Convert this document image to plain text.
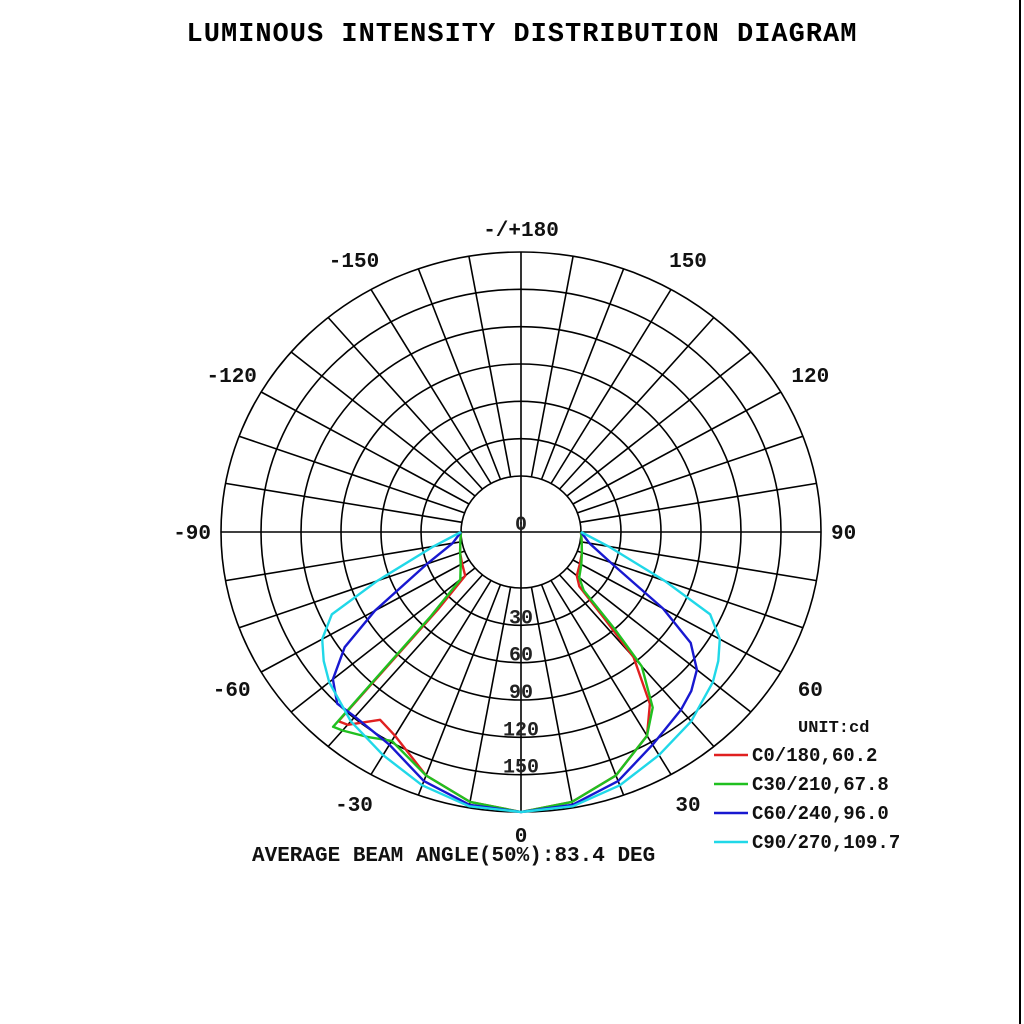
LUMINOUS INTENSITY DISTRIBUTION DIAGRAM
-/+180
-150	150
-120	120
-90	90
-60	60
-30	30
0
0
30
60
90
120
150
UNIT:cd
C0/180,60.2
C30/210,67.8
C60/240,96.0
C90/270,109.7
AVERAGE BEAM ANGLE(50%):83.4 DEG
